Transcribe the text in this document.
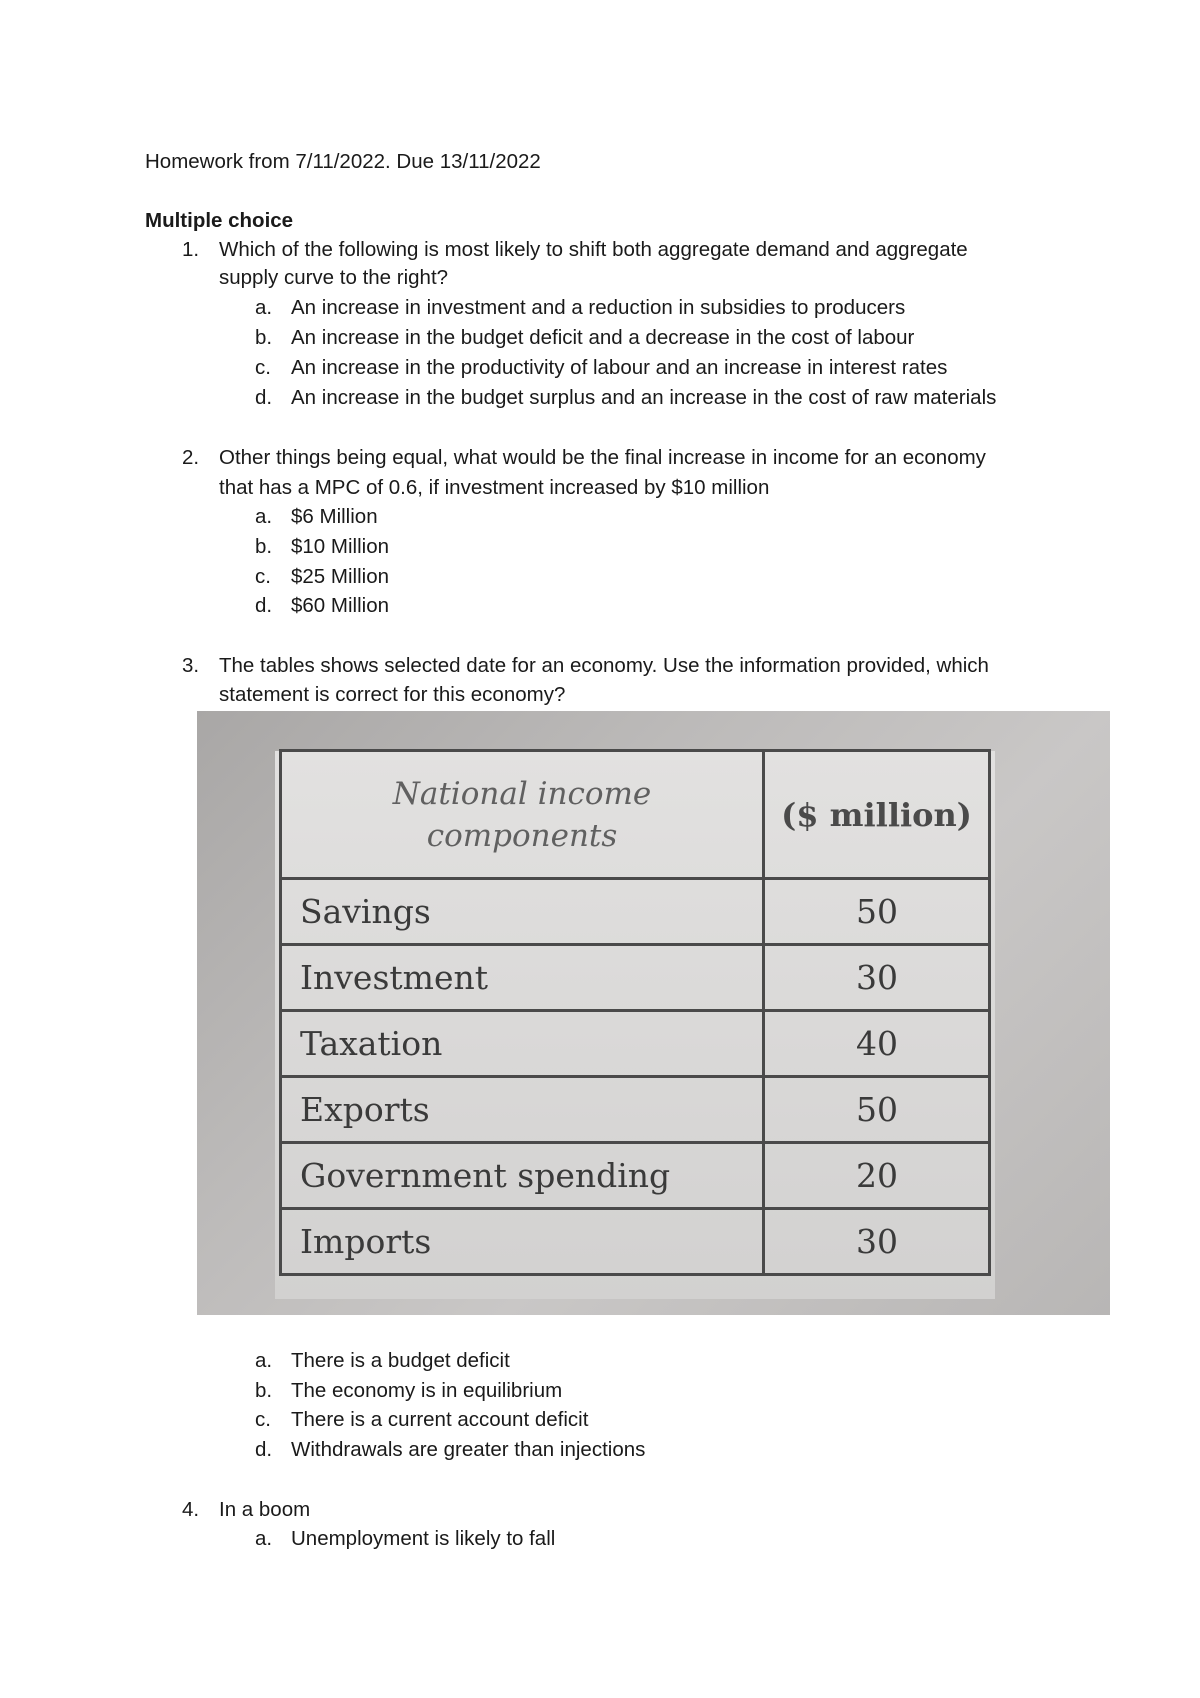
Homework from 7/11/2022. Due 13/11/2022
Multiple choice
1. Which of the following is most likely to shift both aggregate demand and aggregate
supply curve to the right?
a. An increase in investment and a reduction in subsidies to producers
b. An increase in the budget deficit and a decrease in the cost of labour
c. An increase in the productivity of labour and an increase in interest rates
d. An increase in the budget surplus and an increase in the cost of raw materials
2. Other things being equal, what would be the final increase in income for an economy
that has a MPC of 0.6, if investment increased by $10 million
a. $6 Million
b. $10 Million
c. $25 Million
d. $60 Million
3. The tables shows selected date for an economy. Use the information provided, which
statement is correct for this economy?
National income
components	($ million)
Savings	50
Investment	30
Taxation	40
Exports	50
Government spending	20
Imports	30
a. There is a budget deficit
b. The economy is in equilibrium
c. There is a current account deficit
d. Withdrawals are greater than injections
4. In a boom
a. Unemployment is likely to fall
